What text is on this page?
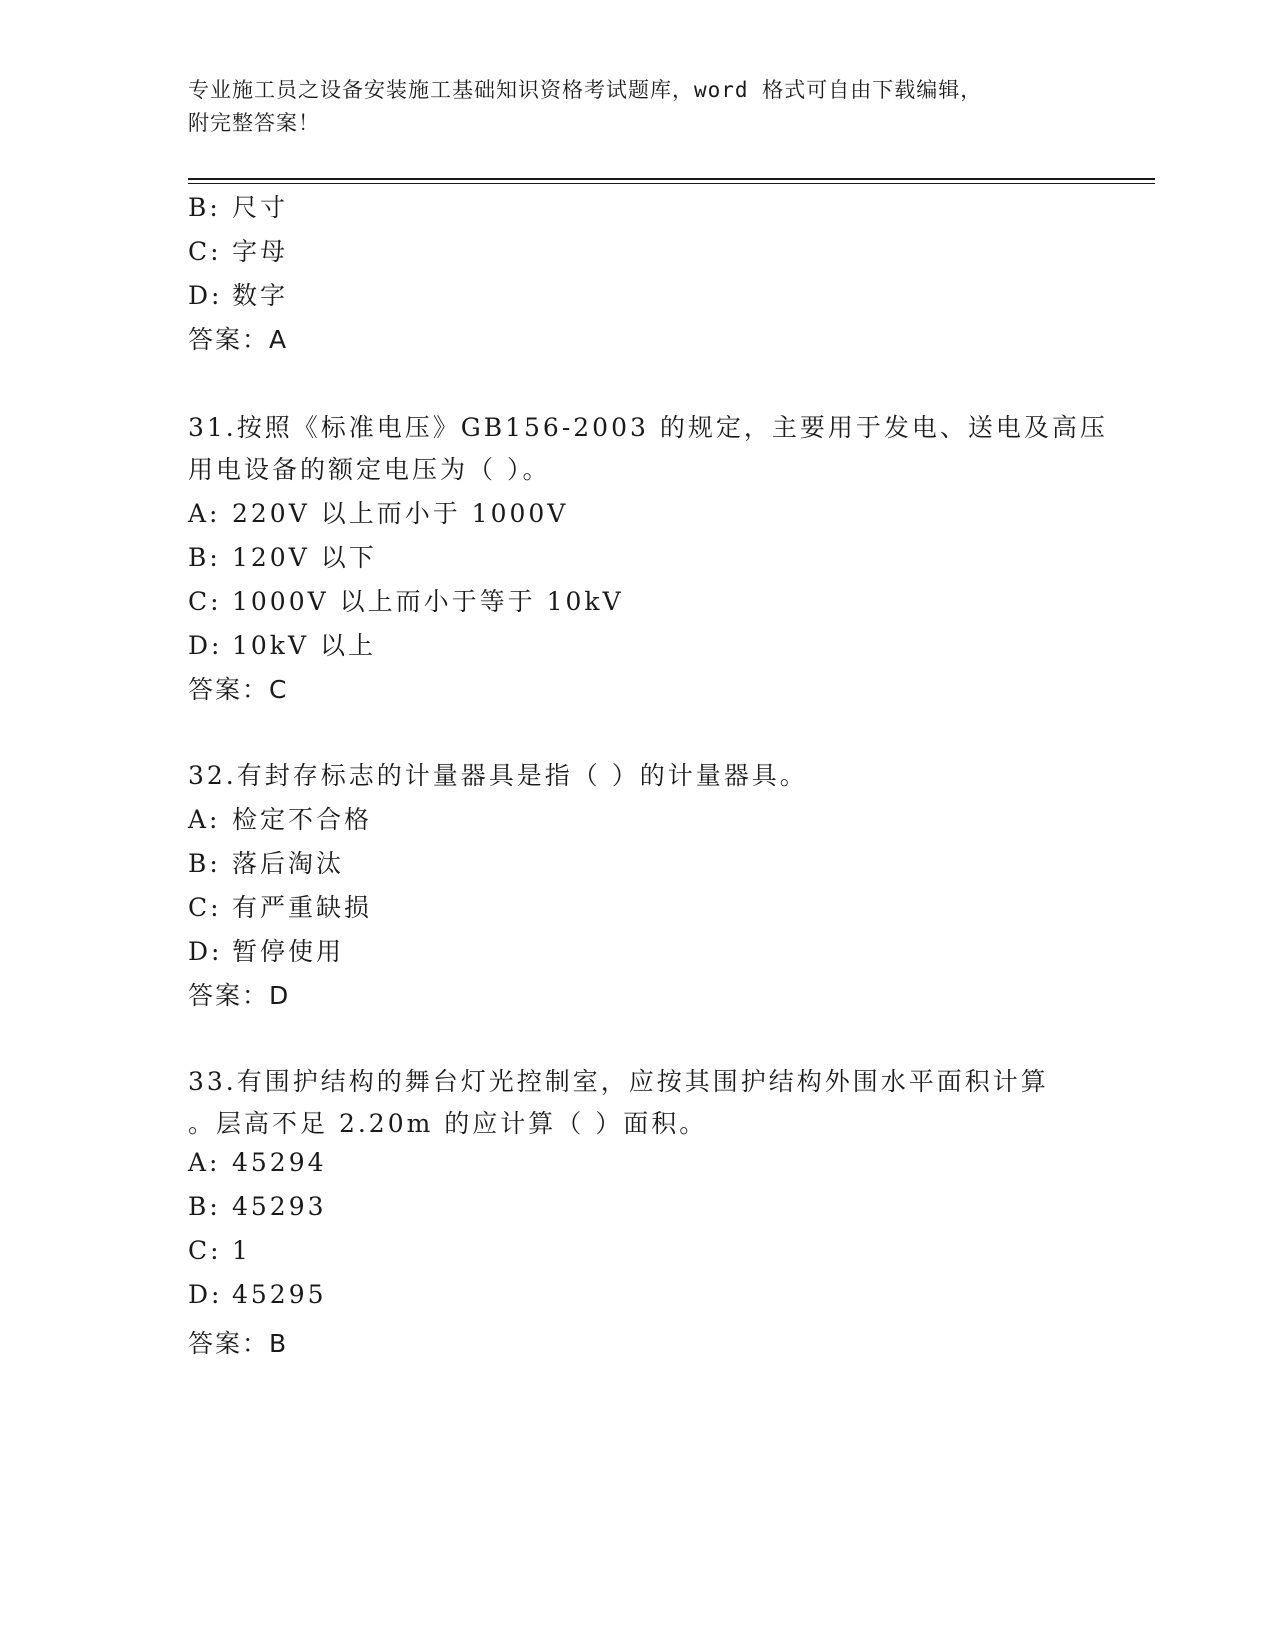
专业施工员之设备安装施工基础知识资格考试题库，word 格式可自由下载编辑，
附完整答案！
B: 尺寸
C: 字母
D: 数字
答案：A
31.按照《标准电压》GB156-2003 的规定，主要用于发电、送电及高压
用电设备的额定电压为（ ）。
A: 220V 以上而小于 1000V
B: 120V 以下
C: 1000V 以上而小于等于 10kV
D: 10kV 以上
答案：C
32.有封存标志的计量器具是指（ ）的计量器具。
A: 检定不合格
B: 落后淘汰
C: 有严重缺损
D: 暂停使用
答案：D
33.有围护结构的舞台灯光控制室，应按其围护结构外围水平面积计算
。层高不足 2.20m 的应计算（ ）面积。
A: 45294
B: 45293
C: 1
D: 45295
答案：B
